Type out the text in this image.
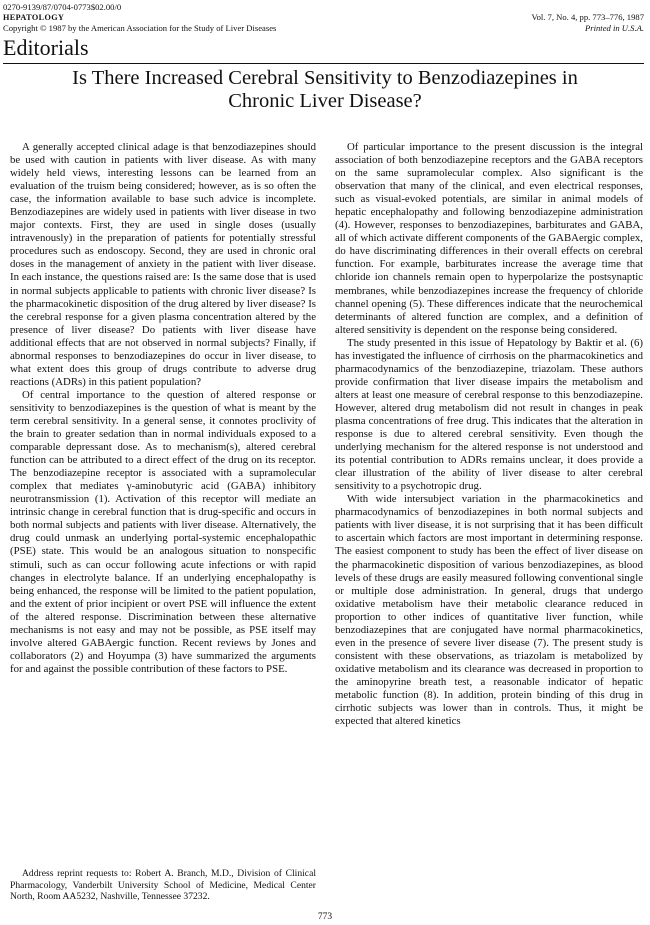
0270-9139/87/0704-0773$02.00/0
HEPATOLOGY
Copyright © 1987 by the American Association for the Study of Liver Diseases
Vol. 7, No. 4, pp. 773–776, 1987
Printed in U.S.A.
Editorials
Is There Increased Cerebral Sensitivity to Benzodiazepines in
Chronic Liver Disease?

A generally accepted clinical adage is that benzodiazepines should be used with caution in patients with liver disease. As with many widely held views, interesting lessons can be learned from an evaluation of the truism being considered; however, as is so often the case, the information available to base such advice is incomplete. Benzodiazepines are widely used in patients with liver disease in two major contexts. First, they are used in single doses (usually intravenously) in the preparation of patients for potentially stressful procedures such as endoscopy. Second, they are used in chronic oral doses in the management of anxiety in the patient with liver disease. In each instance, the questions raised are: Is the same dose that is used in normal subjects applicable to patients with chronic liver disease? Is the pharmacokinetic disposition of the drug altered by liver disease? Is the cerebral response for a given plasma concentration altered by the presence of liver disease? Do patients with liver disease have additional effects that are not observed in normal subjects? Finally, if abnormal responses to benzodiazepines do occur in liver disease, to what extent does this group of drugs contribute to adverse drug reactions (ADRs) in this patient population?

Of central importance to the question of altered response or sensitivity to benzodiazepines is the question of what is meant by the term cerebral sensitivity. In a general sense, it connotes proclivity of the brain to greater sedation than in normal individuals exposed to a comparable depressant dose. As to mechanism(s), altered cerebral function can be attributed to a direct effect of the drug on its receptor. The benzodiazepine receptor is associated with a supramolecular complex that mediates γ-aminobutyric acid (GABA) inhibitory neurotransmission (1). Activation of this receptor will mediate an intrinsic change in cerebral function that is drug-specific and occurs in both normal subjects and patients with liver disease. Alternatively, the drug could unmask an underlying portal-systemic encephalopathic (PSE) state. This would be an analogous situation to nonspecific stimuli, such as can occur following acute infections or with rapid changes in electrolyte balance. If an underlying encephalopathy is being enhanced, the response will be limited to the patient population, and the extent of prior incipient or overt PSE will influence the extent of the altered response. Discrimination between these alternative mechanisms is not easy and may not be possible, as PSE itself may involve altered GABAergic function. Recent reviews by Jones and collaborators (2) and Hoyumpa (3) have summarized the arguments for and against the possible contribution of these factors to PSE.

Of particular importance to the present discussion is the integral association of both benzodiazepine receptors and the GABA receptors on the same supramolecular complex. Also significant is the observation that many of the clinical, and even electrical responses, such as visual-evoked potentials, are similar in animal models of hepatic encephalopathy and following benzodiazepine administration (4). However, responses to benzodiazepines, barbiturates and GABA, all of which activate different components of the GABAergic complex, do have discriminating differences in their overall effects on cerebral function. For example, barbiturates increase the average time that chloride ion channels remain open to hyperpolarize the postsynaptic membranes, while benzodiazepines increase the frequency of chloride channel opening (5). These differences indicate that the neurochemical determinants of altered function are complex, and a definition of altered sensitivity is dependent on the response being considered.

The study presented in this issue of Hepatology by Baktir et al. (6) has investigated the influence of cirrhosis on the pharmacokinetics and pharmacodynamics of the benzodiazepine, triazolam. These authors provide confirmation that liver disease impairs the metabolism and alters at least one measure of cerebral response to this benzodiazepine. However, altered drug metabolism did not result in changes in peak plasma concentrations of free drug. This indicates that the alteration in response is due to altered cerebral sensitivity. Even though the underlying mechanism for the altered response is not understood and its potential contribution to ADRs remains unclear, it does provide a clear illustration of the ability of liver disease to alter cerebral sensitivity to a psychotropic drug.

With wide intersubject variation in the pharmacokinetics and pharmacodynamics of benzodiazepines in both normal subjects and patients with liver disease, it is not surprising that it has been difficult to ascertain which factors are most important in determining response. The easiest component to study has been the effect of liver disease on the pharmacokinetic disposition of various benzodiazepines, as blood levels of these drugs are easily measured following conventional single or multiple dose administration. In general, drugs that undergo oxidative metabolism have their metabolic clearance reduced in proportion to other indices of quantitative liver function, while benzodiazepines that are conjugated have normal pharmacokinetics, even in the presence of severe liver disease (7). The present study is consistent with these observations, as triazolam is metabolized by oxidative metabolism and its clearance was decreased in proportion to the aminopyrine breath test, a reasonable indicator of hepatic metabolic function (8). In addition, protein binding of this drug in cirrhotic subjects was lower than in controls. Thus, it might be expected that altered kinetics

Address reprint requests to: Robert A. Branch, M.D., Division of Clinical Pharmacology, Vanderbilt University School of Medicine, Medical Center North, Room AA5232, Nashville, Tennessee 37232.
773
